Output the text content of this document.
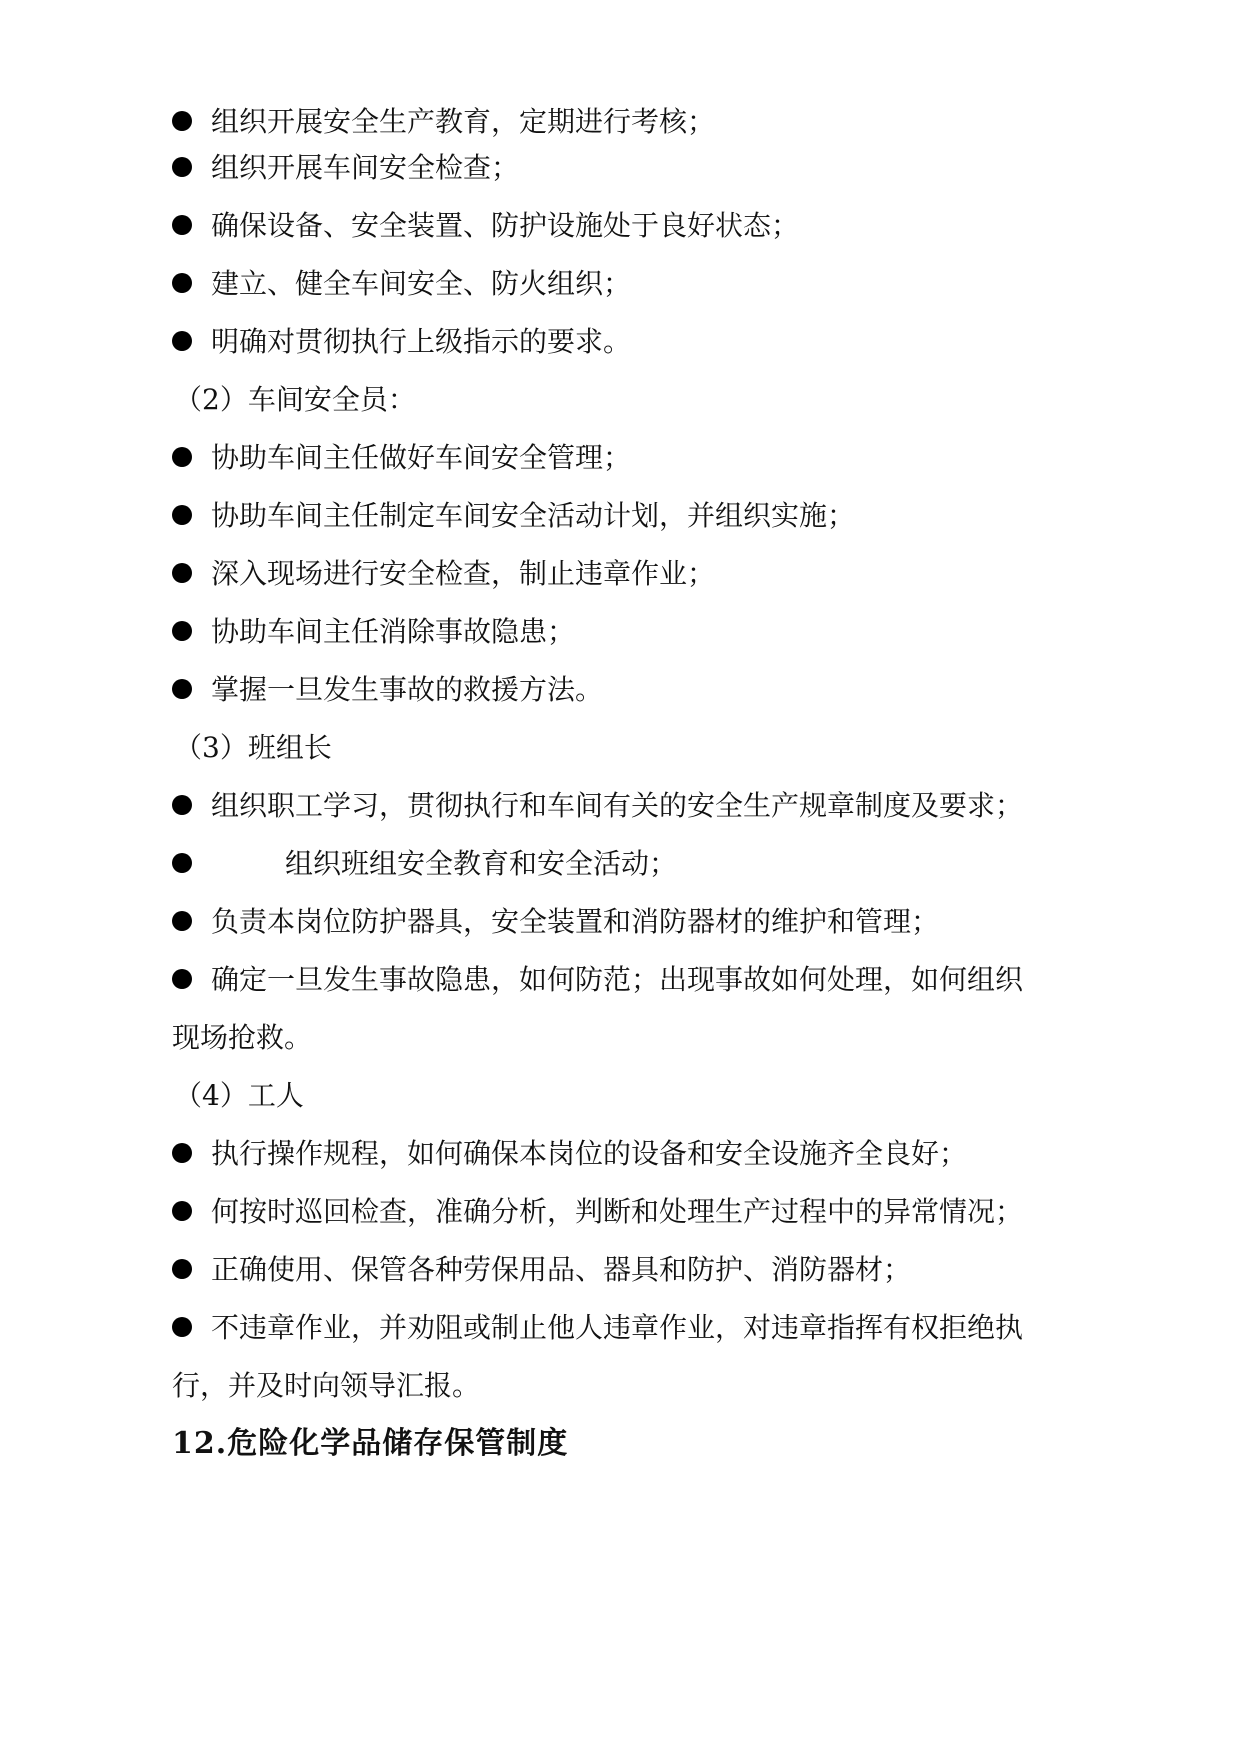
组织开展安全生产教育，定期进行考核；
组织开展车间安全检查；
确保设备、安全装置、防护设施处于良好状态；
建立、健全车间安全、防火组织；
明确对贯彻执行上级指示的要求。
（2）车间安全员：
协助车间主任做好车间安全管理；
协助车间主任制定车间安全活动计划，并组织实施；
深入现场进行安全检查，制止违章作业；
协助车间主任消除事故隐患；
掌握一旦发生事故的救援方法。
（3）班组长
组织职工学习，贯彻执行和车间有关的安全生产规章制度及要求；
组织班组安全教育和安全活动；
负责本岗位防护器具，安全装置和消防器材的维护和管理；
确定一旦发生事故隐患，如何防范；出现事故如何处理，如何组织
现场抢救。
（4）工人
执行操作规程，如何确保本岗位的设备和安全设施齐全良好；
何按时巡回检查，准确分析，判断和处理生产过程中的异常情况；
正确使用、保管各种劳保用品、器具和防护、消防器材；
不违章作业，并劝阻或制止他人违章作业，对违章指挥有权拒绝执
行，并及时向领导汇报。
12.危险化学品储存保管制度
